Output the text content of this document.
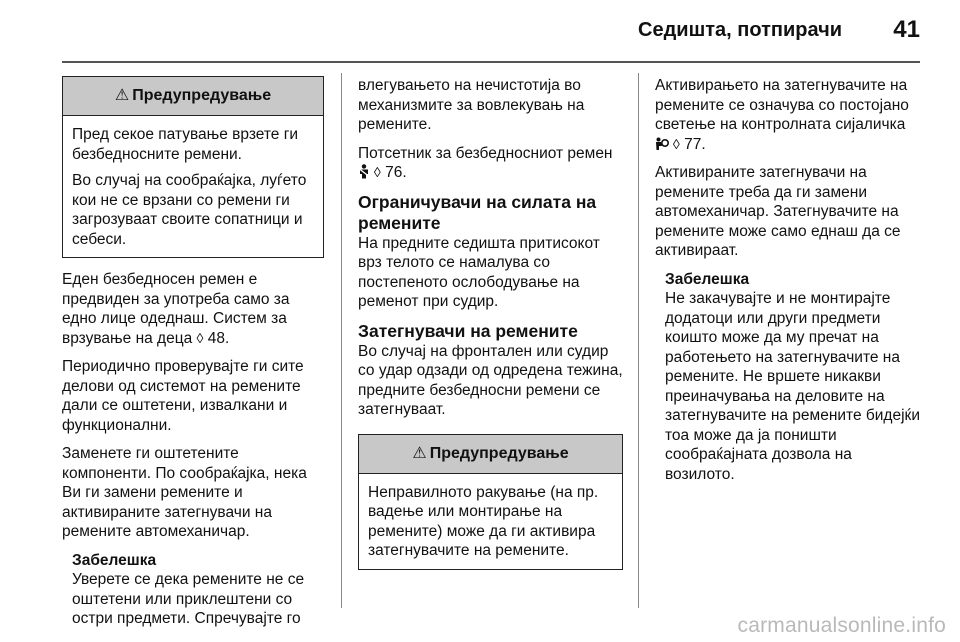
Седишта, потпирачи 41
⚠ Предупредување

Пред секое патување врзете ги безбедносните ремени.

Во случај на сообраќајка, луѓето кои не се врзани со ремени ги загрозуваат своите сопатници и себеси.

Еден безбедносен ремен е предвиден за употреба само за едно лице одеднаш. Систем за врзување на деца ◊ 48.

Периодично проверувајте ги сите делови од системот на ремените дали се оштетени, извалкани и функционални.

Заменете ги оштетените компоненти. По сообраќајка, нека Ви ги замени ремените и активираните затегнувачи на ремените автомеханичар.

Забелешка
Уверете се дека ремените не се оштетени или приклештени со остри предмети. Спречувајте го

влегувањето на нечистотија во механизмите за вовлекувањ на ремените.

Потсетник за безбедносниот ремен
◊ 76.

Ограничувачи на силата на ремените

На предните седишта притисокот врз телото се намалува со постепеното ослободување на ременот при судир.

Затегнувачи на ремените

Во случај на фронтален или судир со удар одзади од одредена тежина, предните безбедносни ремени се затегнуваат.

⚠ Предупредување

Неправилното ракување (на пр. вадење или монтирање на ремените) може да ги активира затегнувачите на ремените.

Активирањето на затегнувачите на ремените се означува со постојано светење на контролната сијаличка
◊ 77.

Активираните затегнувачи на ремените треба да ги замени автомеханичар. Затегнувачите на ремените може само еднаш да се активираат.

Забелешка
Не закачувајте и не монтирајте додатоци или други предмети коишто може да му пречат на работењето на затегнувачите на ремените. Не вршете никакви преиначувања на деловите на затегнувачите на ремените бидејќи тоа може да ја поништи сообраќајната дозвола на возилото.
carmanualsonline.info
